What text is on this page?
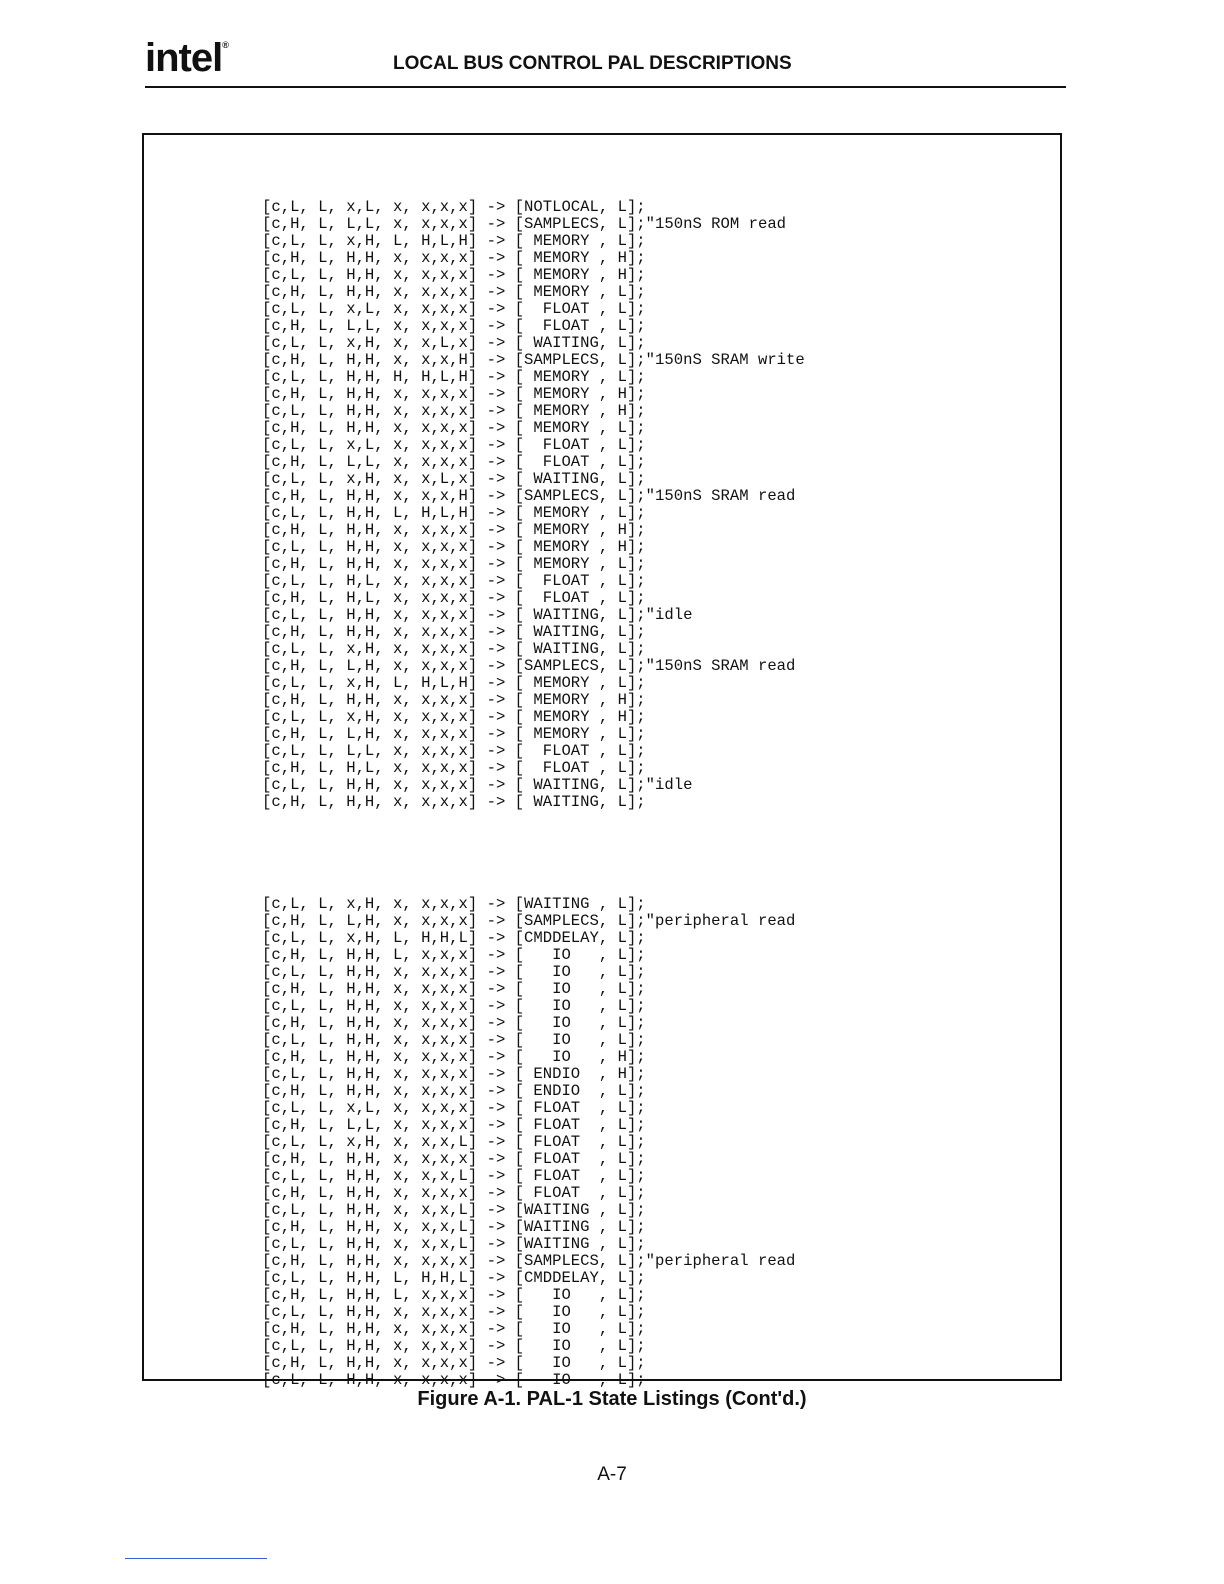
intel®
LOCAL BUS CONTROL PAL DESCRIPTIONS

[c,L, L, x,L, x, x,x,x] -> [NOTLOCAL, L];
[c,H, L, L,L, x, x,x,x] -> [SAMPLECS, L];"150nS ROM read
[c,L, L, x,H, L, H,L,H] -> [ MEMORY , L];
[c,H, L, H,H, x, x,x,x] -> [ MEMORY , H];
[c,L, L, H,H, x, x,x,x] -> [ MEMORY , H];
[c,H, L, H,H, x, x,x,x] -> [ MEMORY , L];
[c,L, L, x,L, x, x,x,x] -> [  FLOAT , L];
[c,H, L, L,L, x, x,x,x] -> [  FLOAT , L];
[c,L, L, x,H, x, x,L,x] -> [ WAITING, L];
[c,H, L, H,H, x, x,x,H] -> [SAMPLECS, L];"150nS SRAM write
[c,L, L, H,H, H, H,L,H] -> [ MEMORY , L];
[c,H, L, H,H, x, x,x,x] -> [ MEMORY , H];
[c,L, L, H,H, x, x,x,x] -> [ MEMORY , H];
[c,H, L, H,H, x, x,x,x] -> [ MEMORY , L];
[c,L, L, x,L, x, x,x,x] -> [  FLOAT , L];
[c,H, L, L,L, x, x,x,x] -> [  FLOAT , L];
[c,L, L, x,H, x, x,L,x] -> [ WAITING, L];
[c,H, L, H,H, x, x,x,H] -> [SAMPLECS, L];"150nS SRAM read
[c,L, L, H,H, L, H,L,H] -> [ MEMORY , L];
[c,H, L, H,H, x, x,x,x] -> [ MEMORY , H];
[c,L, L, H,H, x, x,x,x] -> [ MEMORY , H];
[c,H, L, H,H, x, x,x,x] -> [ MEMORY , L];
[c,L, L, H,L, x, x,x,x] -> [  FLOAT , L];
[c,H, L, H,L, x, x,x,x] -> [  FLOAT , L];
[c,L, L, H,H, x, x,x,x] -> [ WAITING, L];"idle
[c,H, L, H,H, x, x,x,x] -> [ WAITING, L];
[c,L, L, x,H, x, x,x,x] -> [ WAITING, L];
[c,H, L, L,H, x, x,x,x] -> [SAMPLECS, L];"150nS SRAM read
[c,L, L, x,H, L, H,L,H] -> [ MEMORY , L];
[c,H, L, H,H, x, x,x,x] -> [ MEMORY , H];
[c,L, L, x,H, x, x,x,x] -> [ MEMORY , H];
[c,H, L, L,H, x, x,x,x] -> [ MEMORY , L];
[c,L, L, L,L, x, x,x,x] -> [  FLOAT , L];
[c,H, L, H,L, x, x,x,x] -> [  FLOAT , L];
[c,L, L, H,H, x, x,x,x] -> [ WAITING, L];"idle
[c,H, L, H,H, x, x,x,x] -> [ WAITING, L];

[c,L, L, x,H, x, x,x,x] -> [WAITING , L];
[c,H, L, L,H, x, x,x,x] -> [SAMPLECS, L];"peripheral read
[c,L, L, x,H, L, H,H,L] -> [CMDDELAY, L];
[c,H, L, H,H, L, x,x,x] -> [   IO   , L];
[c,L, L, H,H, x, x,x,x] -> [   IO   , L];
[c,H, L, H,H, x, x,x,x] -> [   IO   , L];
[c,L, L, H,H, x, x,x,x] -> [   IO   , L];
[c,H, L, H,H, x, x,x,x] -> [   IO   , L];
[c,L, L, H,H, x, x,x,x] -> [   IO   , L];
[c,H, L, H,H, x, x,x,x] -> [   IO   , H];
[c,L, L, H,H, x, x,x,x] -> [ ENDIO  , H];
[c,H, L, H,H, x, x,x,x] -> [ ENDIO  , L];
[c,L, L, x,L, x, x,x,x] -> [ FLOAT  , L];
[c,H, L, L,L, x, x,x,x] -> [ FLOAT  , L];
[c,L, L, x,H, x, x,x,L] -> [ FLOAT  , L];
[c,H, L, H,H, x, x,x,x] -> [ FLOAT  , L];
[c,L, L, H,H, x, x,x,L] -> [ FLOAT  , L];
[c,H, L, H,H, x, x,x,x] -> [ FLOAT  , L];
[c,L, L, H,H, x, x,x,L] -> [WAITING , L];
[c,H, L, H,H, x, x,x,L] -> [WAITING , L];
[c,L, L, H,H, x, x,x,L] -> [WAITING , L];
[c,H, L, H,H, x, x,x,x] -> [SAMPLECS, L];"peripheral read
[c,L, L, H,H, L, H,H,L] -> [CMDDELAY, L];
[c,H, L, H,H, L, x,x,x] -> [   IO   , L];
[c,L, L, H,H, x, x,x,x] -> [   IO   , L];
[c,H, L, H,H, x, x,x,x] -> [   IO   , L];
[c,L, L, H,H, x, x,x,x] -> [   IO   , L];
[c,H, L, H,H, x, x,x,x] -> [   IO   , L];
[c,L, L, H,H, x, x,x,x] -> [   IO   , L];

Figure A-1. PAL-1 State Listings (Cont'd.)
A-7
